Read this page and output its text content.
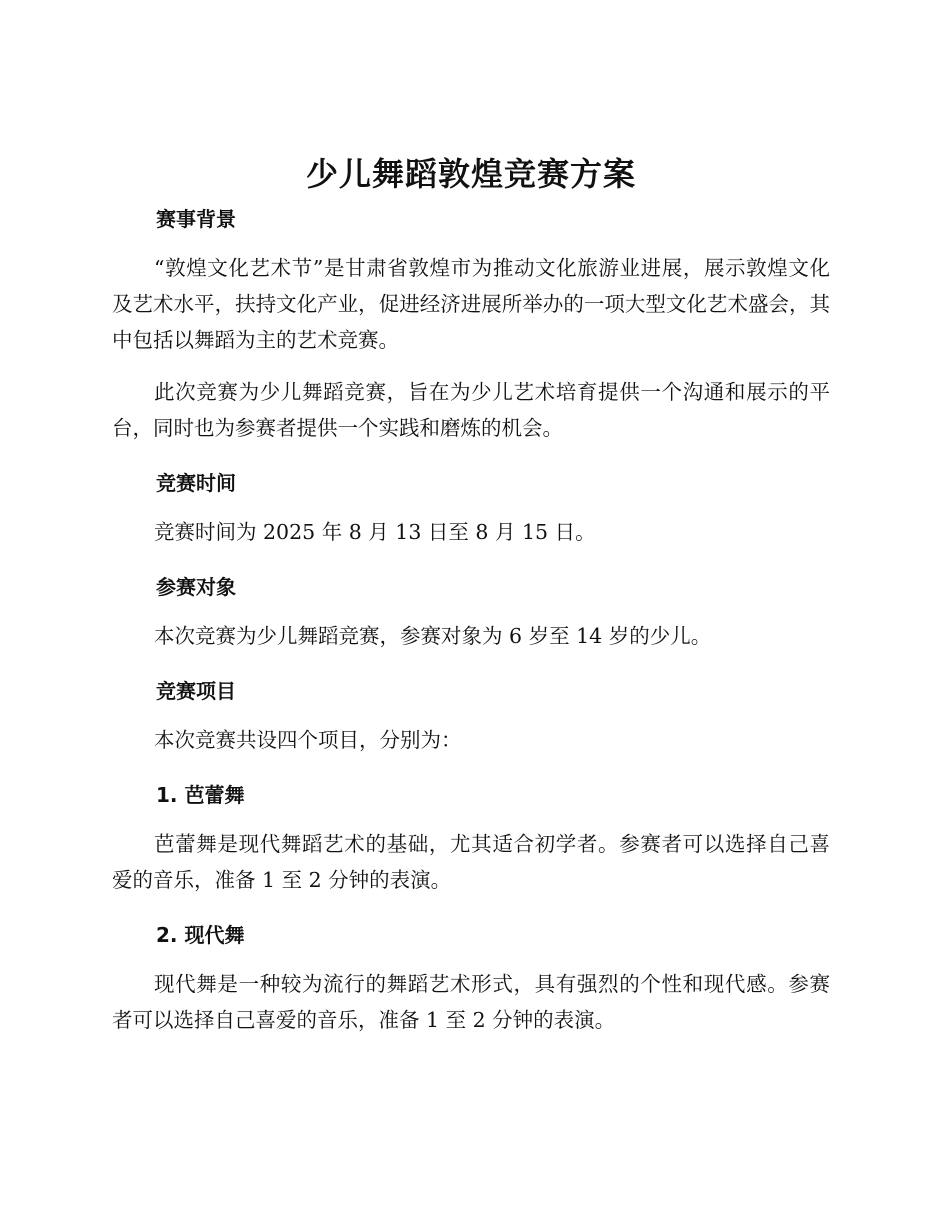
少儿舞蹈敦煌竞赛方案
赛事背景

“敦煌文化艺术节”是甘肃省敦煌市为推动文化旅游业进展，展示敦煌文化及艺术水平，扶持文化产业，促进经济进展所举办的一项大型文化艺术盛会，其中包括以舞蹈为主的艺术竞赛。

此次竞赛为少儿舞蹈竞赛，旨在为少儿艺术培育提供一个沟通和展示的平台，同时也为参赛者提供一个实践和磨炼的机会。

竞赛时间

竞赛时间为 2025 年 8 月 13 日至 8 月 15 日。

参赛对象

本次竞赛为少儿舞蹈竞赛，参赛对象为 6 岁至 14 岁的少儿。

竞赛项目

本次竞赛共设四个项目，分别为：

1. 芭蕾舞

芭蕾舞是现代舞蹈艺术的基础，尤其适合初学者。参赛者可以选择自己喜爱的音乐，准备 1 至 2 分钟的表演。

2. 现代舞

现代舞是一种较为流行的舞蹈艺术形式，具有强烈的个性和现代感。参赛者可以选择自己喜爱的音乐，准备 1 至 2 分钟的表演。
